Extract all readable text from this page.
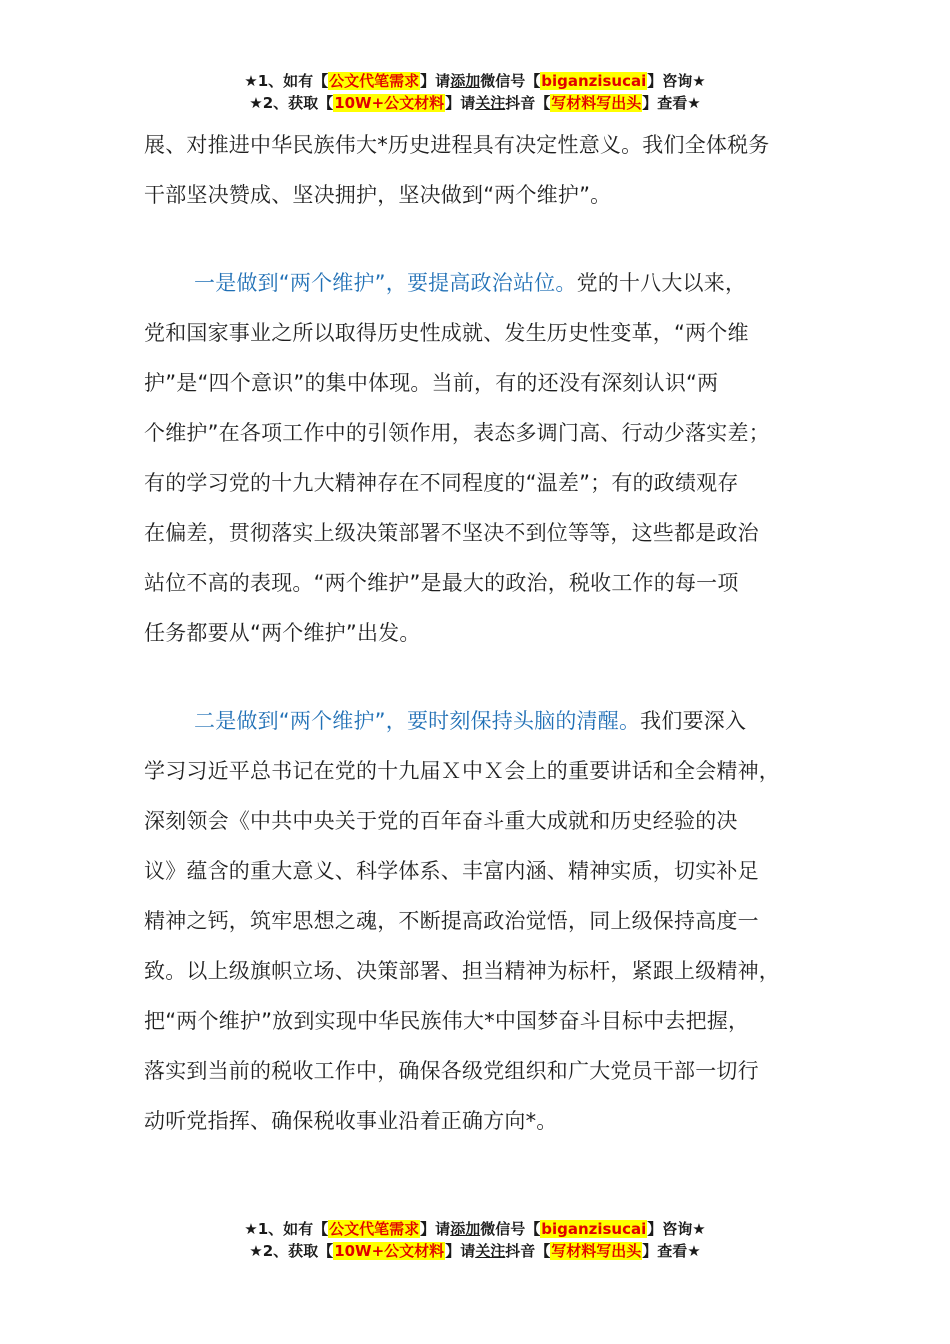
★1、如有【公文代笔需求】请添加微信号【biganzisucai】咨询★
★2、获取【10W+公文材料】请关注抖音【写材料写出头】查看★

展、对推进中华民族伟大*历史进程具有决定性意义。我们全体税务
干部坚决赞成、坚决拥护，坚决做到“两个维护”。

一是做到“两个维护”，要提高政治站位。党的十八大以来，
党和国家事业之所以取得历史性成就、发生历史性变革，“两个维
护”是“四个意识”的集中体现。当前，有的还没有深刻认识“两
个维护”在各项工作中的引领作用，表态多调门高、行动少落实差；
有的学习党的十九大精神存在不同程度的“温差”；有的政绩观存
在偏差，贯彻落实上级决策部署不坚决不到位等等，这些都是政治
站位不高的表现。“两个维护”是最大的政治，税收工作的每一项
任务都要从“两个维护”出发。

二是做到“两个维护”，要时刻保持头脑的清醒。我们要深入
学习习近平总书记在党的十九届Ｘ中Ｘ会上的重要讲话和全会精神，
深刻领会《中共中央关于党的百年奋斗重大成就和历史经验的决
议》蕴含的重大意义、科学体系、丰富内涵、精神实质，切实补足
精神之钙，筑牢思想之魂，不断提高政治觉悟，同上级保持高度一
致。以上级旗帜立场、决策部署、担当精神为标杆，紧跟上级精神，
把“两个维护”放到实现中华民族伟大*中国梦奋斗目标中去把握，
落实到当前的税收工作中，确保各级党组织和广大党员干部一切行
动听党指挥、确保税收事业沿着正确方向*。

★1、如有【公文代笔需求】请添加微信号【biganzisucai】咨询★
★2、获取【10W+公文材料】请关注抖音【写材料写出头】查看★
